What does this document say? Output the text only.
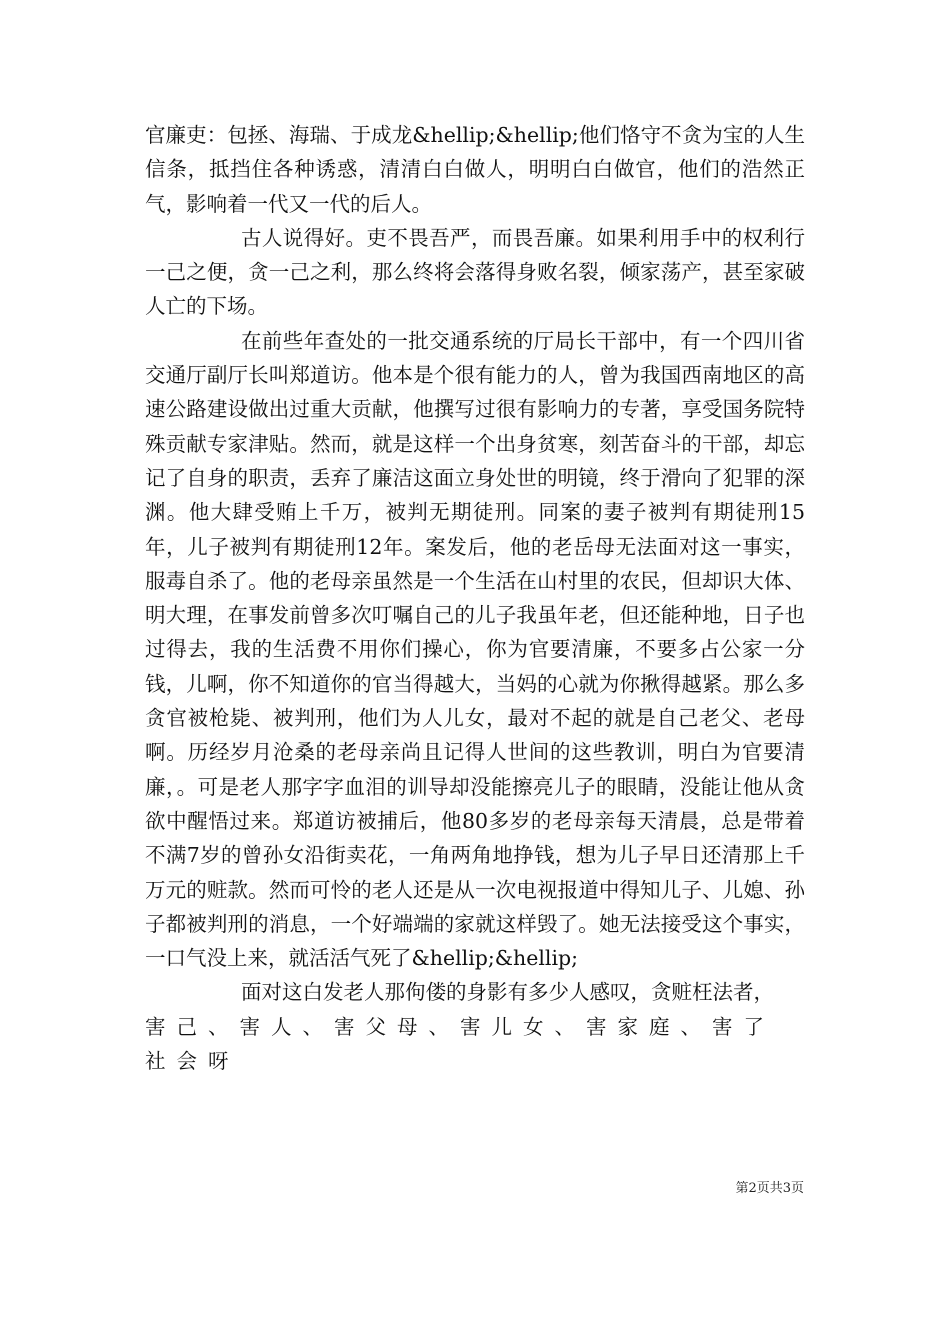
官廉吏：包拯、海瑞、于成龙&hellip;&hellip;他们恪守不贪为宝的人生信条，抵挡住各种诱惑，清清白白做人，明明白白做官，他们的浩然正气，影响着一代又一代的后人。

古人说得好。吏不畏吾严，而畏吾廉。如果利用手中的权利行一己之便，贪一己之利，那么终将会落得身败名裂，倾家荡产，甚至家破人亡的下场。

在前些年查处的一批交通系统的厅局长干部中，有一个四川省交通厅副厅长叫郑道访。他本是个很有能力的人，曾为我国西南地区的高速公路建设做出过重大贡献，他撰写过很有影响力的专著，享受国务院特殊贡献专家津贴。然而，就是这样一个出身贫寒，刻苦奋斗的干部，却忘记了自身的职责，丢弃了廉洁这面立身处世的明镜，终于滑向了犯罪的深渊。他大肆受贿上千万，被判无期徒刑。同案的妻子被判有期徒刑15年，儿子被判有期徒刑12年。案发后，他的老岳母无法面对这一事实，服毒自杀了。他的老母亲虽然是一个生活在山村里的农民，但却识大体、明大理，在事发前曾多次叮嘱自己的儿子我虽年老，但还能种地，日子也过得去，我的生活费不用你们操心，你为官要清廉，不要多占公家一分钱，儿啊，你不知道你的官当得越大，当妈的心就为你揪得越紧。那么多贪官被枪毙、被判刑，他们为人儿女，最对不起的就是自己老父、老母啊。历经岁月沧桑的老母亲尚且记得人世间的这些教训，明白为官要清廉，。可是老人那字字血泪的训导却没能擦亮儿子的眼睛，没能让他从贪欲中醒悟过来。郑道访被捕后，他80多岁的老母亲每天清晨，总是带着不满7岁的曾孙女沿街卖花，一角两角地挣钱，想为儿子早日还清那上千万元的赃款。然而可怜的老人还是从一次电视报道中得知儿子、儿媳、孙子都被判刑的消息，一个好端端的家就这样毁了。她无法接受这个事实，一口气没上来，就活活气死了&hellip;&hellip;

面对这白发老人那佝偻的身影有多少人感叹，贪赃枉法者，

害己、害人、害父母、害儿女、害家庭、害了社会呀

第2页共3页
